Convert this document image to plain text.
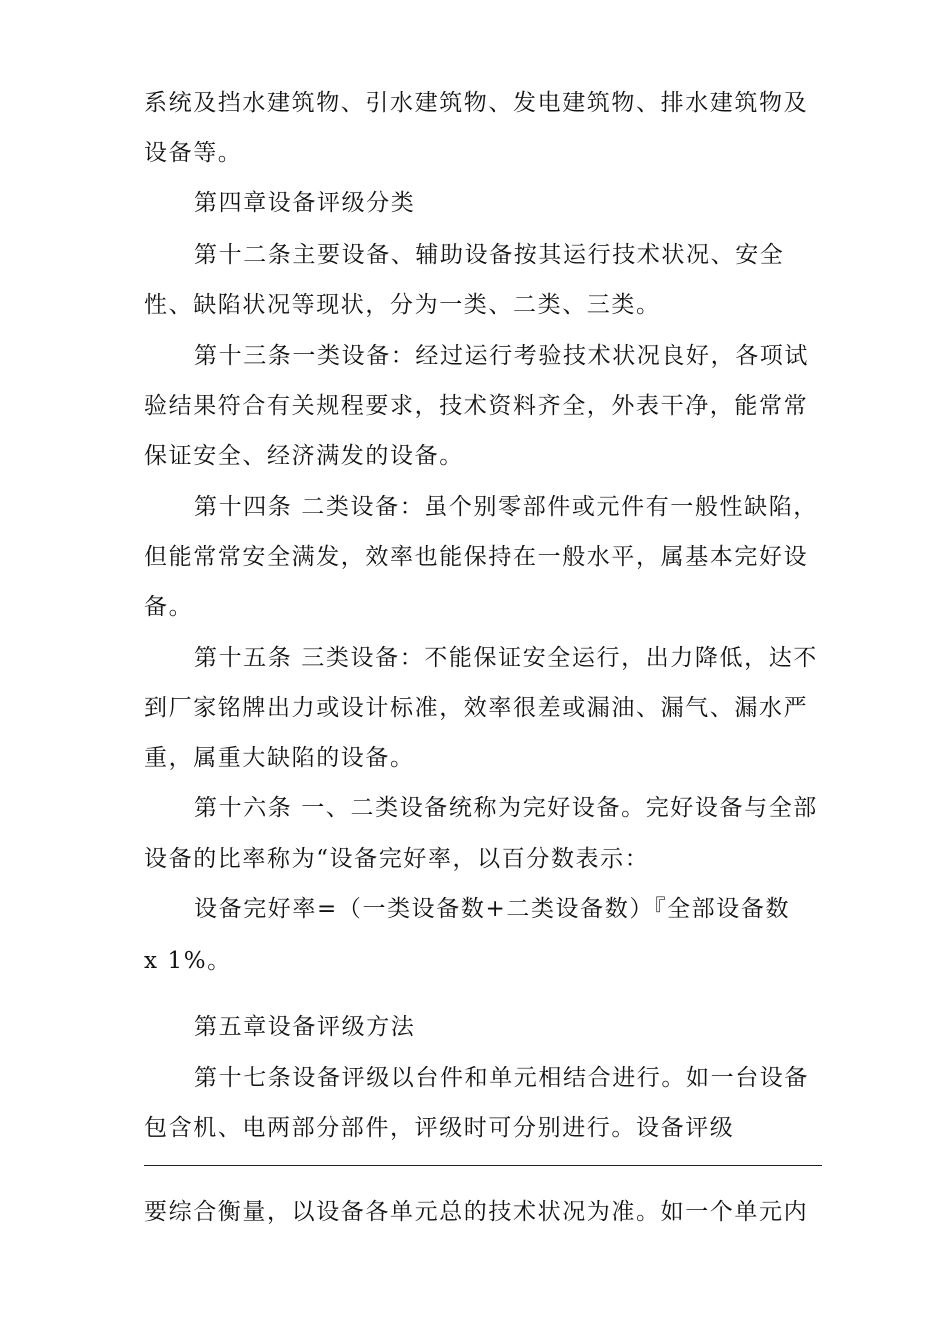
系统及挡水建筑物、引水建筑物、发电建筑物、排水建筑物及
设备等。
第四章设备评级分类
第十二条主要设备、辅助设备按其运行技术状况、安全
性、缺陷状况等现状，分为一类、二类、三类。
第十三条一类设备：经过运行考验技术状况良好，各项试
验结果符合有关规程要求，技术资料齐全，外表干净，能常常
保证安全、经济满发的设备。
第十四条 二类设备：虽个别零部件或元件有一般性缺陷，
但能常常安全满发，效率也能保持在一般水平，属基本完好设
备。
第十五条 三类设备：不能保证安全运行，出力降低，达不
到厂家铭牌出力或设计标准，效率很差或漏油、漏气、漏水严
重，属重大缺陷的设备。
第十六条 一、二类设备统称为完好设备。完好设备与全部
设备的比率称为“设备完好率，以百分数表示：
设备完好率=（一类设备数+二类设备数）『全部设备数
x 1%。
第五章设备评级方法
第十七条设备评级以台件和单元相结合进行。如一台设备
包含机、电两部分部件，评级时可分别进行。设备评级
要综合衡量，以设备各单元总的技术状况为准。如一个单元内
